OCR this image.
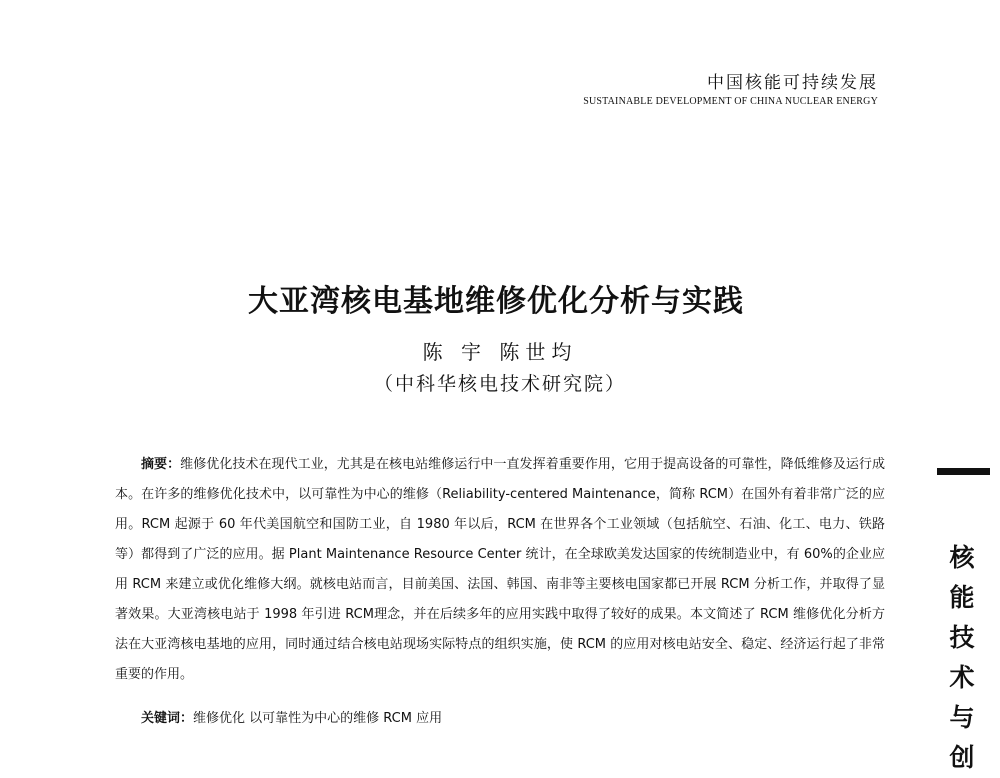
中国核能可持续发展
SUSTAINABLE DEVELOPMENT OF CHINA NUCLEAR ENERGY
大亚湾核电基地维修优化分析与实践
陈 宇 陈世均
（中科华核电技术研究院）

摘要：维修优化技术在现代工业，尤其是在核电站维修运行中一直发挥着重要作用，它用于提高设备的可靠性，降低维修及运行成本。在许多的维修优化技术中，以可靠性为中心的维修（Reliability-centered Maintenance，简称 RCM）在国外有着非常广泛的应用。RCM 起源于 60 年代美国航空和国防工业，自 1980 年以后，RCM 在世界各个工业领域（包括航空、石油、化工、电力、铁路等）都得到了广泛的应用。据 Plant Maintenance Resource Center 统计，在全球欧美发达国家的传统制造业中，有 60%的企业应用 RCM 来建立或优化维修大纲。就核电站而言，目前美国、法国、韩国、南非等主要核电国家都已开展 RCM 分析工作，并取得了显著效果。大亚湾核电站于 1998 年引进 RCM理念，并在后续多年的应用实践中取得了较好的成果。本文简述了 RCM 维修优化分析方法在大亚湾核电基地的应用，同时通过结合核电站现场实际特点的组织实施，使 RCM 的应用对核电站安全、稳定、经济运行起了非常重要的作用。

关键词：维修优化 以可靠性为中心的维修 RCM 应用

核
能
技
术
与
创
